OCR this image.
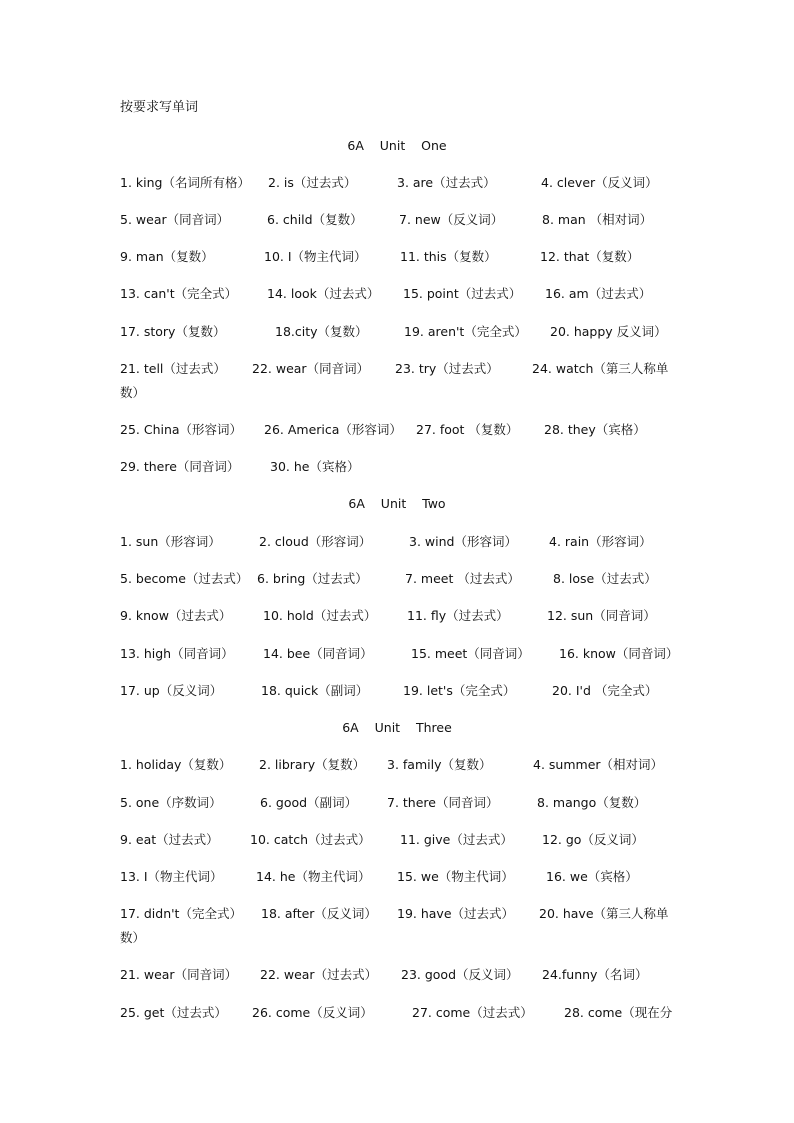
按要求写单词
6A    Unit    One
1. king（名词所有格） 2. is（过去式）	3. are（过去式）	4. clever（反义词）
5. wear（同音词）	6. child（复数）	7. new（反义词）	8. man （相对词）
9. man（复数）	10. I（物主代词）	11. this（复数）	12. that（复数）
13. can't（完全式） 14. look（过去式） 15. point（过去式） 16. am（过去式）
17. story（复数）	18.city（复数）	19. aren't（完全式） 20. happy 反义词）
21. tell（过去式） 22. wear（同音词） 23. try（过去式）	24. watch（第三人称单
数）
25. China（形容词） 26. America（形容词） 27. foot （复数） 28. they（宾格）
29. there（同音词） 30. he（宾格）
6A    Unit    Two
1. sun（形容词）	2. cloud（形容词）	3. wind（形容词）	4. rain（形容词）
5. become（过去式） 6. bring（过去式）	7. meet （过去式）	8. lose（过去式）
9. know（过去式）	10. hold（过去式） 11. fly（过去式）	12. sun（同音词）
13. high（同音词） 14. bee（同音词）	15. meet（同音词） 16. know（同音词）
17. up（反义词）	18. quick（副词）	19. let's（完全式）	20. I'd （完全式）
6A    Unit    Three
1. holiday（复数） 2. library（复数） 3. family（复数）	4. summer（相对词）
5. one（序数词）	6. good（副词） 7. there（同音词）	8. mango（复数）
9. eat（过去式）	10. catch（过去式） 11. give（过去式） 12. go（反义词）
13. I（物主代词）	14. he（物主代词） 15. we（物主代词）	16. we（宾格）
17. didn't（完全式） 18. after（反义词） 19. have（过去式） 20. have（第三人称单
数）
21. wear（同音词） 22. wear（过去式） 23. good（反义词） 24.funny（名词）
25. get（过去式） 26. come（反义词）	27. come（过去式）	28. come（现在分
